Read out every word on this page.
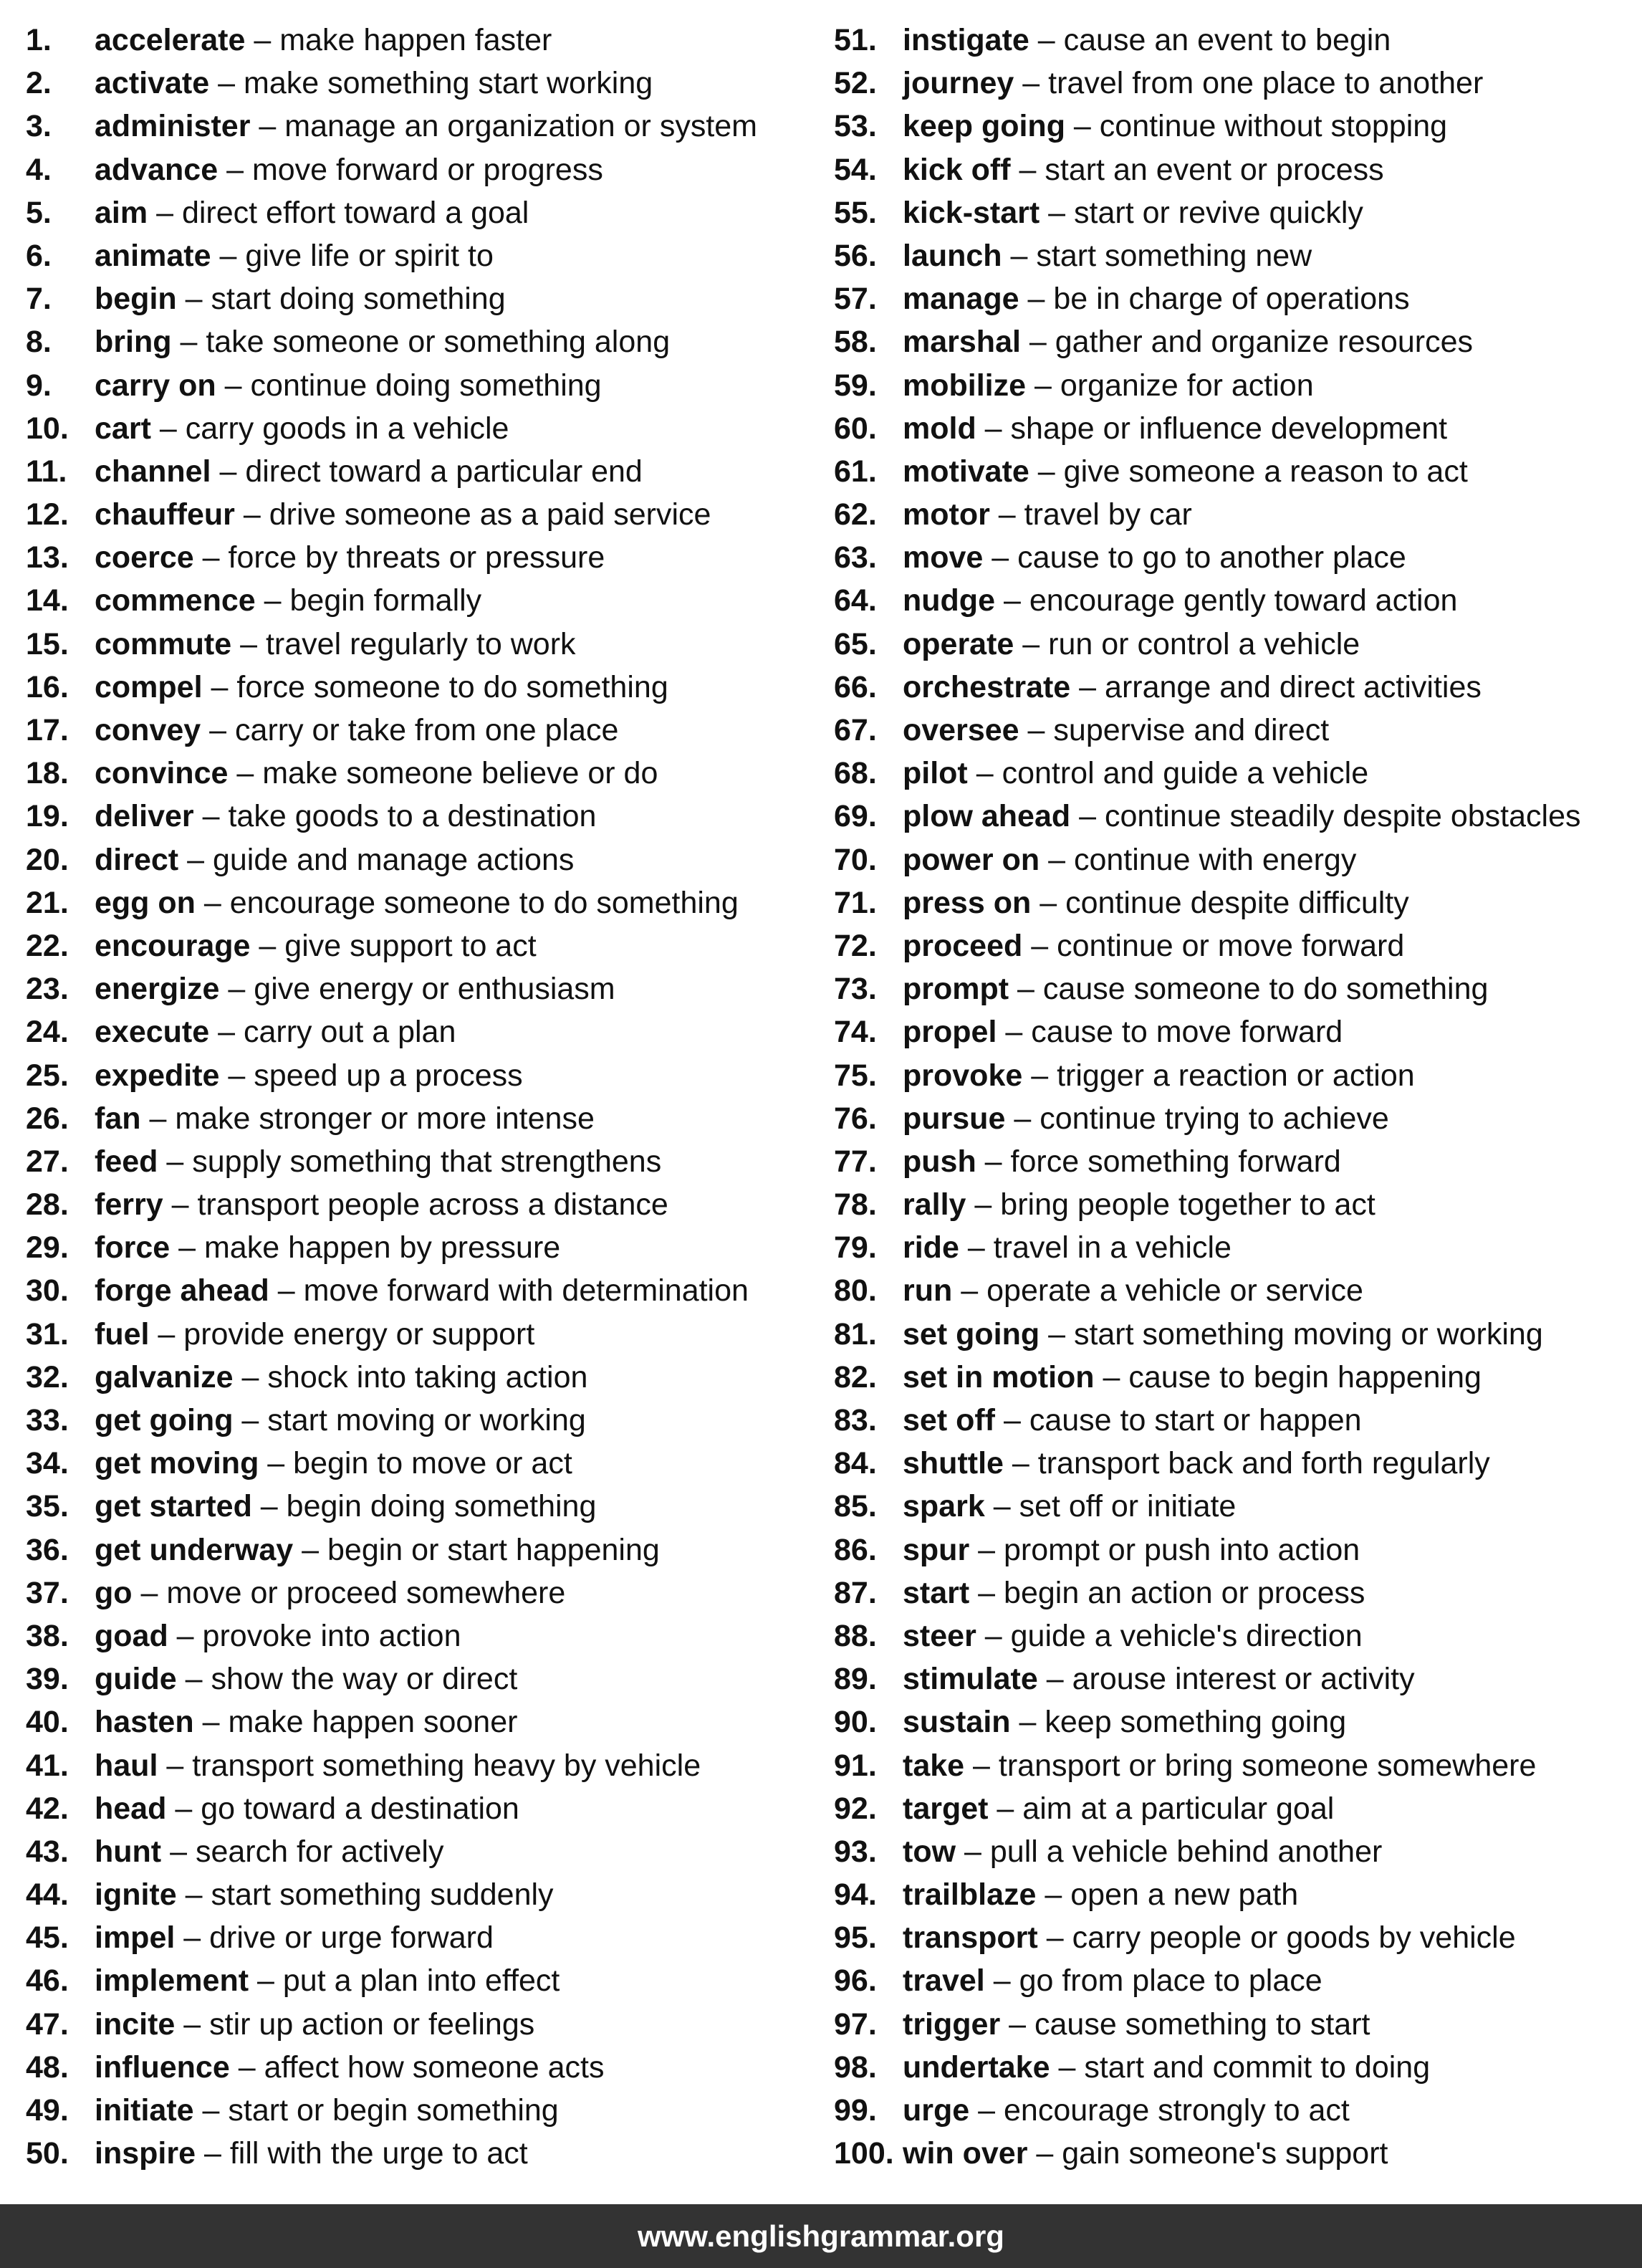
1. accelerate – make happen faster
2. activate – make something start working
3. administer – manage an organization or system
4. advance – move forward or progress
5. aim – direct effort toward a goal
6. animate – give life or spirit to
7. begin – start doing something
8. bring – take someone or something along
9. carry on – continue doing something
10. cart – carry goods in a vehicle
11. channel – direct toward a particular end
12. chauffeur – drive someone as a paid service
13. coerce – force by threats or pressure
14. commence – begin formally
15. commute – travel regularly to work
16. compel – force someone to do something
17. convey – carry or take from one place
18. convince – make someone believe or do
19. deliver – take goods to a destination
20. direct – guide and manage actions
21. egg on – encourage someone to do something
22. encourage – give support to act
23. energize – give energy or enthusiasm
24. execute – carry out a plan
25. expedite – speed up a process
26. fan – make stronger or more intense
27. feed – supply something that strengthens
28. ferry – transport people across a distance
29. force – make happen by pressure
30. forge ahead – move forward with determination
31. fuel – provide energy or support
32. galvanize – shock into taking action
33. get going – start moving or working
34. get moving – begin to move or act
35. get started – begin doing something
36. get underway – begin or start happening
37. go – move or proceed somewhere
38. goad – provoke into action
39. guide – show the way or direct
40. hasten – make happen sooner
41. haul – transport something heavy by vehicle
42. head – go toward a destination
43. hunt – search for actively
44. ignite – start something suddenly
45. impel – drive or urge forward
46. implement – put a plan into effect
47. incite – stir up action or feelings
48. influence – affect how someone acts
49. initiate – start or begin something
50. inspire – fill with the urge to act
51. instigate – cause an event to begin
52. journey – travel from one place to another
53. keep going – continue without stopping
54. kick off – start an event or process
55. kick-start – start or revive quickly
56. launch – start something new
57. manage – be in charge of operations
58. marshal – gather and organize resources
59. mobilize – organize for action
60. mold – shape or influence development
61. motivate – give someone a reason to act
62. motor – travel by car
63. move – cause to go to another place
64. nudge – encourage gently toward action
65. operate – run or control a vehicle
66. orchestrate – arrange and direct activities
67. oversee – supervise and direct
68. pilot – control and guide a vehicle
69. plow ahead – continue steadily despite obstacles
70. power on – continue with energy
71. press on – continue despite difficulty
72. proceed – continue or move forward
73. prompt – cause someone to do something
74. propel – cause to move forward
75. provoke – trigger a reaction or action
76. pursue – continue trying to achieve
77. push – force something forward
78. rally – bring people together to act
79. ride – travel in a vehicle
80. run – operate a vehicle or service
81. set going – start something moving or working
82. set in motion – cause to begin happening
83. set off – cause to start or happen
84. shuttle – transport back and forth regularly
85. spark – set off or initiate
86. spur – prompt or push into action
87. start – begin an action or process
88. steer – guide a vehicle's direction
89. stimulate – arouse interest or activity
90. sustain – keep something going
91. take – transport or bring someone somewhere
92. target – aim at a particular goal
93. tow – pull a vehicle behind another
94. trailblaze – open a new path
95. transport – carry people or goods by vehicle
96. travel – go from place to place
97. trigger – cause something to start
98. undertake – start and commit to doing
99. urge – encourage strongly to act
100. win over – gain someone's support
www.englishgrammar.org
